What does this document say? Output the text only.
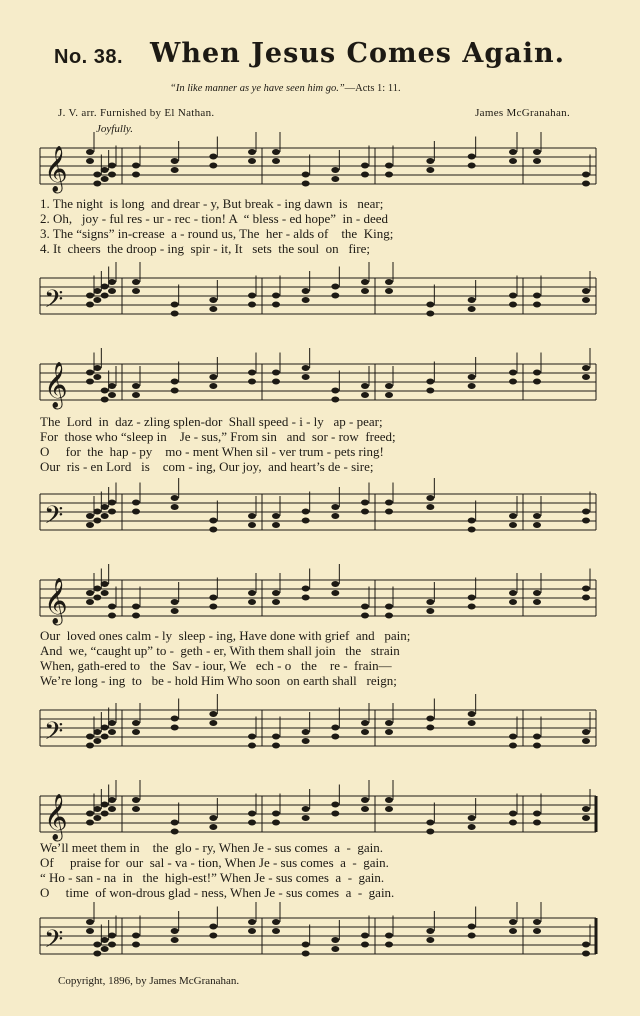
No. 38. When Jesus Comes Again.
“In like manner as ye have seen him go.”—Acts 1: 11.
J. V. arr. Furnished by El Nathan.	James McGranahan.
Joyfully.
𝄞
1. The night  is long  and drear - y, But break - ing dawn  is   near;
2. Oh,   joy - ful res - ur - rec - tion! A  “ bless - ed hope”  in - deed
3. The “signs” in-crease  a - round us, The  her - alds of    the  King;
4. It  cheers  the droop - ing  spir - it, It   sets  the soul  on   fire;
𝄢
𝄞
The  Lord  in  daz - zling splen-dor  Shall speed - i - ly   ap - pear;
For  those who “sleep in    Je - sus,” From sin   and  sor - row  freed;
O     for  the  hap - py    mo - ment When sil - ver trum - pets ring!
Our  ris - en Lord   is    com - ing, Our joy,  and heart’s de - sire;
𝄢
𝄞
Our  loved ones calm - ly  sleep - ing, Have done with grief  and   pain;
And  we, “caught up” to -  geth - er, With them shall join   the   strain
When, gath-ered to   the  Sav - iour, We   ech - o   the    re -  frain—
We’re long - ing  to   be - hold Him Who soon  on earth shall   reign;
𝄢
𝄞
We’ll meet them in    the  glo - ry, When Je - sus comes  a  -  gain.
Of     praise for  our  sal - va - tion, When Je - sus comes  a  -  gain.
“ Ho - san - na  in   the  high-est!” When Je - sus comes  a  -  gain.
O     time  of won-drous glad - ness, When Je - sus comes  a  -  gain.
𝄢
Copyright, 1896, by James McGranahan.
